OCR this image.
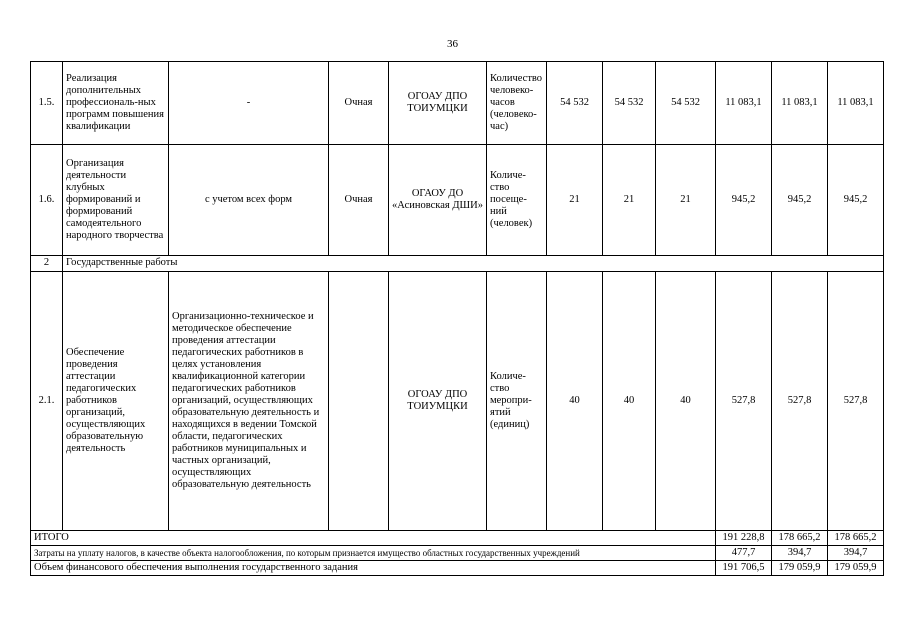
36
1.5.	Реализация дополнительных профессиональ-ных программ повышения квалификации	-	Очная	ОГОАУ ДПО ТОИУМЦКИ	Количество человеко-часов (человеко-час)	54 532	54 532	54 532	11 083,1	11 083,1	11 083,1
1.6.	Организация деятельности клубных формирований и формирований самодеятельного народного творчества	с учетом всех форм	Очная	ОГАОУ ДО «Асиновская ДШИ»	Количе-ство посеще-ний (человек)	21	21	21	945,2	945,2	945,2
2	Государственные работы										
2.1.	Обеспечение проведения аттестации педагогических работников организаций, осуществляющих образовательную деятельность	Организационно-техническое и методическое обеспечение проведения аттестации педагогических работников в целях установления квалификационной категории педагогических работников организаций, осуществляющих образовательную деятельность и находящихся в ведении Томской области, педагогических работников муниципальных и частных организаций, осуществляющих образовательную деятельность		ОГОАУ ДПО ТОИУМЦКИ	Количе-ство меропри-ятий (единиц)	40	40	40	527,8	527,8	527,8
ИТОГО									191 228,8	178 665,2	178 665,2
Затраты на уплату налогов, в качестве объекта налогообложения, по которым признается имущество областных государственных учреждений									477,7	394,7	394,7
Объем финансового обеспечения выполнения государственного задания									191 706,5	179 059,9	179 059,9
